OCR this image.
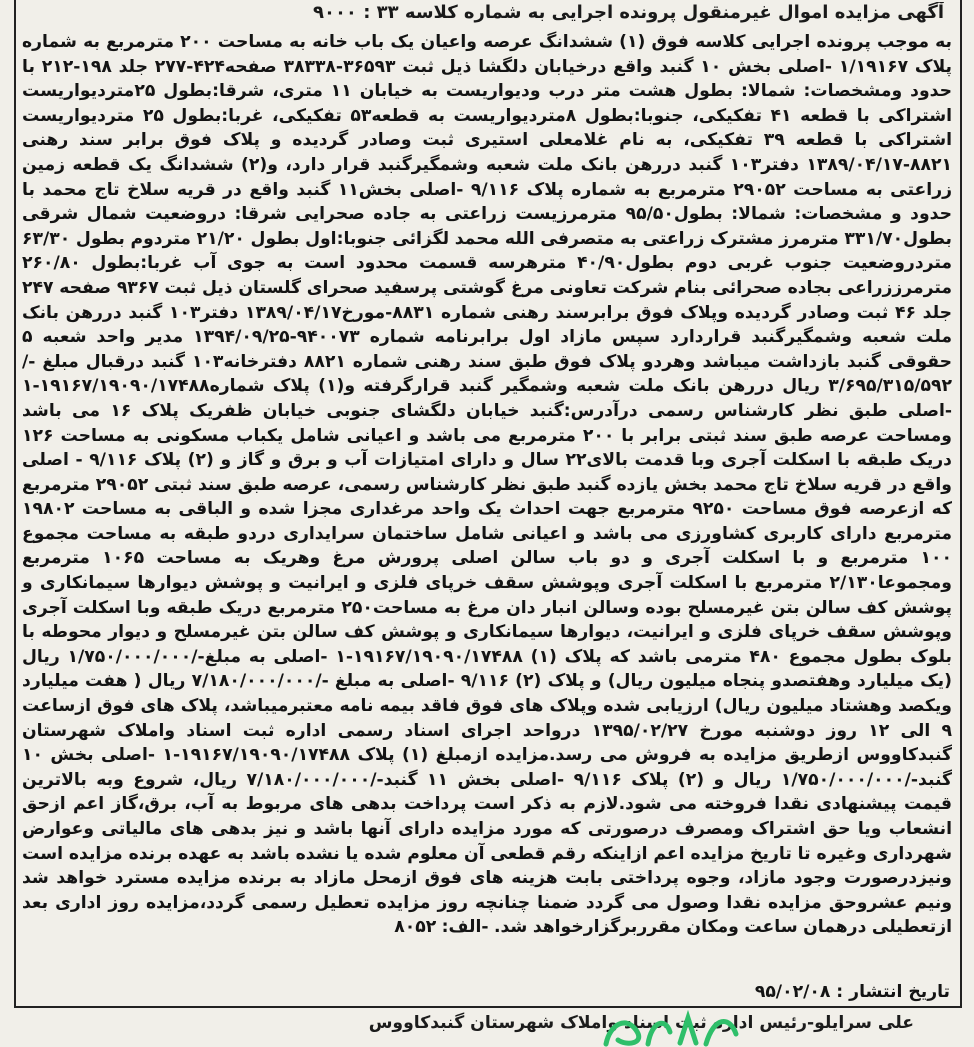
آگهی مزایده اموال غیرمنقول پرونده اجرایی به شماره کلاسه ۳۳ : ۹۰۰۰
به موجب پرونده اجرایی کلاسه فوق (۱) ششدانگ عرصه واعیان یک باب خانه به مساحت ۲۰۰ مترمربع به شماره پلاک ۱/۱۹۱۶۷ -اصلی بخش ۱۰ گنبد واقع درخیابان دلگشا ذیل ثبت ۳۶۵۹۳-۳۸۳۳۸ صفحه۴۲۴-۲۷۷ جلد ۱۹۸-۲۱۲ با حدود ومشخصات: شمالا: بطول هشت متر درب ودیواریست به خیابان ۱۱ متری، شرقا:بطول ۲۵متردیواریست اشتراکی با قطعه ۴۱ تفکیکی، جنوبا:بطول ۸متردیواریست به قطعه۵۳ تفکیکی، غربا:بطول ۲۵ متردیواریست اشتراکی با قطعه ۳۹ تفکیکی، به نام غلامعلی استیری ثبت وصادر گردیده و پلاک فوق برابر سند رهنی ۸۸۲۱-۱۳۸۹/۰۴/۱۷ دفتر۱۰۳ گنبد دررهن بانک ملت شعبه وشمگیرگنبد قرار دارد، و(۲) ششدانگ یک قطعه زمین زراعتی به مساحت ۲۹۰۵۲ مترمربع به شماره پلاک ۹/۱۱۶ -اصلی بخش۱۱ گنبد واقع در قریه سلاخ تاج محمد با حدود و مشخصات: شمالا: بطول۹۵/۵۰ مترمرزیست زراعتی به جاده صحرایی شرقا: دروضعیت شمال شرقی بطول۳۳۱/۷۰ مترمرز مشترک زراعتی به متصرفی الله محمد لگزائی جنوبا:اول بطول ۲۱/۲۰ متردوم بطول ۶۳/۳۰ متردروضعیت جنوب غربی دوم بطول۴۰/۹۰ مترهرسه قسمت محدود است به جوی آب غربا:بطول ۲۶۰/۸۰ مترمرززراعی بجاده صحرائی بنام شرکت تعاونی مرغ گوشتی پرسفید صحرای گلستان ذیل ثبت ۹۳۶۷ صفحه ۲۴۷ جلد ۴۶ ثبت وصادر گردیده وپلاک فوق برابرسند رهنی شماره ۸۸۳۱-مورخ۱۳۸۹/۰۴/۱۷ دفتر۱۰۳ گنبد دررهن بانک ملت شعبه وشمگیرگنبد قراردارد سپس مازاد اول برابرنامه شماره ۹۴۰۰۷۳-۱۳۹۴/۰۹/۲۵ مدیر واحد شعبه ۵ حقوقی گنبد بازداشت میباشد وهردو پلاک فوق طبق سند رهنی شماره ۸۸۲۱ دفترخانه۱۰۳ گنبد درقبال مبلغ -/۳/۶۹۵/۳۱۵/۵۹۲ ریال دررهن بانک ملت شعبه وشمگیر گنبد قرارگرفته و(۱) پلاک شماره۱۹۱۶۷/۱۹۰۹۰/۱۷۴۸۸-۱ -اصلی طبق نظر کارشناس رسمی درآدرس:گنبد خیابان دلگشای جنوبی خیابان ظفریک پلاک ۱۶ می باشد ومساحت عرصه طبق سند ثبتی برابر با ۲۰۰ مترمربع می باشد و اعیانی شامل یکباب مسکونی به مساحت ۱۲۶ دریک طبقه با اسکلت آجری وبا قدمت بالای۲۲ سال و دارای امتیازات آب و برق و گاز و (۲) پلاک ۹/۱۱۶ - اصلی واقع در قریه سلاخ تاج محمد بخش یازده گنبد طبق نظر کارشناس رسمی، عرصه طبق سند ثبتی ۲۹۰۵۲ مترمربع که ازعرصه فوق مساحت ۹۲۵۰ مترمربع جهت احداث یک واحد مرغداری مجزا شده و الباقی به مساحت ۱۹۸۰۲ مترمربع دارای کاربری کشاورزی می باشد و اعیانی شامل ساختمان سرایداری دردو طبقه به مساحت مجموع ۱۰۰ مترمربع و با اسکلت آجری و دو باب سالن اصلی پرورش مرغ وهریک به مساحت ۱۰۶۵ مترمربع ومجموعا۲/۱۳۰ مترمربع با اسکلت آجری وپوشش سقف خرپای فلزی و ایرانیت و پوشش دیوارها سیمانکاری و پوشش کف سالن بتن غیرمسلح بوده وسالن انبار دان مرغ به مساحت۲۵۰ مترمربع دریک طبقه وبا اسکلت آجری وپوشش سقف خرپای فلزی و ایرانیت، دیوارها سیمانکاری و پوشش کف سالن بتن غیرمسلح و دیوار محوطه با بلوک بطول مجموع ۴۸۰ مترمی باشد که پلاک (۱) ۱۹۱۶۷/۱۹۰۹۰/۱۷۴۸۸-۱ -اصلی به مبلغ-/۱/۷۵۰/۰۰۰/۰۰۰ ریال (یک میلیارد وهفتصدو پنجاه میلیون ریال) و پلاک (۲) ۹/۱۱۶ -اصلی به مبلغ -/۷/۱۸۰/۰۰۰/۰۰۰ ریال ( هفت میلیارد ویکصد وهشتاد میلیون ریال) ارزیابی شده وپلاک های فوق فاقد بیمه نامه معتبرمیباشد، پلاک های فوق ازساعت ۹ الی ۱۲ روز دوشنبه مورخ ۱۳۹۵/۰۲/۲۷ درواحد اجرای اسناد رسمی اداره ثبت اسناد واملاک شهرستان گنبدکاووس ازطریق مزایده به فروش می رسد.مزایده ازمبلغ (۱) پلاک ۱۹۱۶۷/۱۹۰۹۰/۱۷۴۸۸-۱ -اصلی بخش ۱۰ گنبد-/۱/۷۵۰/۰۰۰/۰۰۰ ریال و (۲) پلاک ۹/۱۱۶ -اصلی بخش ۱۱ گنبد-/۷/۱۸۰/۰۰۰/۰۰۰ ریال، شروع وبه بالاترین قیمت پیشنهادی نقدا فروخته می شود.لازم به ذکر است پرداخت بدهی های مربوط به آب، برق،گاز اعم ازحق انشعاب ویا حق اشتراک ومصرف درصورتی که مورد مزایده دارای آنها باشد و نیز بدهی های مالیاتی وعوارض شهرداری وغیره تا تاریخ مزایده اعم ازاینکه رقم قطعی آن معلوم شده یا نشده باشد به عهده برنده مزایده است ونیزدرصورت وجود مازاد، وجوه پرداختی بابت هزینه های فوق ازمحل مازاد به برنده مزایده مسترد خواهد شد ونیم عشروحق مزایده نقدا وصول می گردد ضمنا چنانچه روز مزایده تعطیل رسمی گردد،مزایده روز اداری بعد ازتعطیلی درهمان ساعت ومکان مقرربرگزارخواهد شد. -الف: ۸۰۵۲
تاریخ انتشار : ۹۵/۰۲/۰۸
علی سرایلو-رئیس اداره ثبت اسناد واملاک شهرستان گنبدکاووس
